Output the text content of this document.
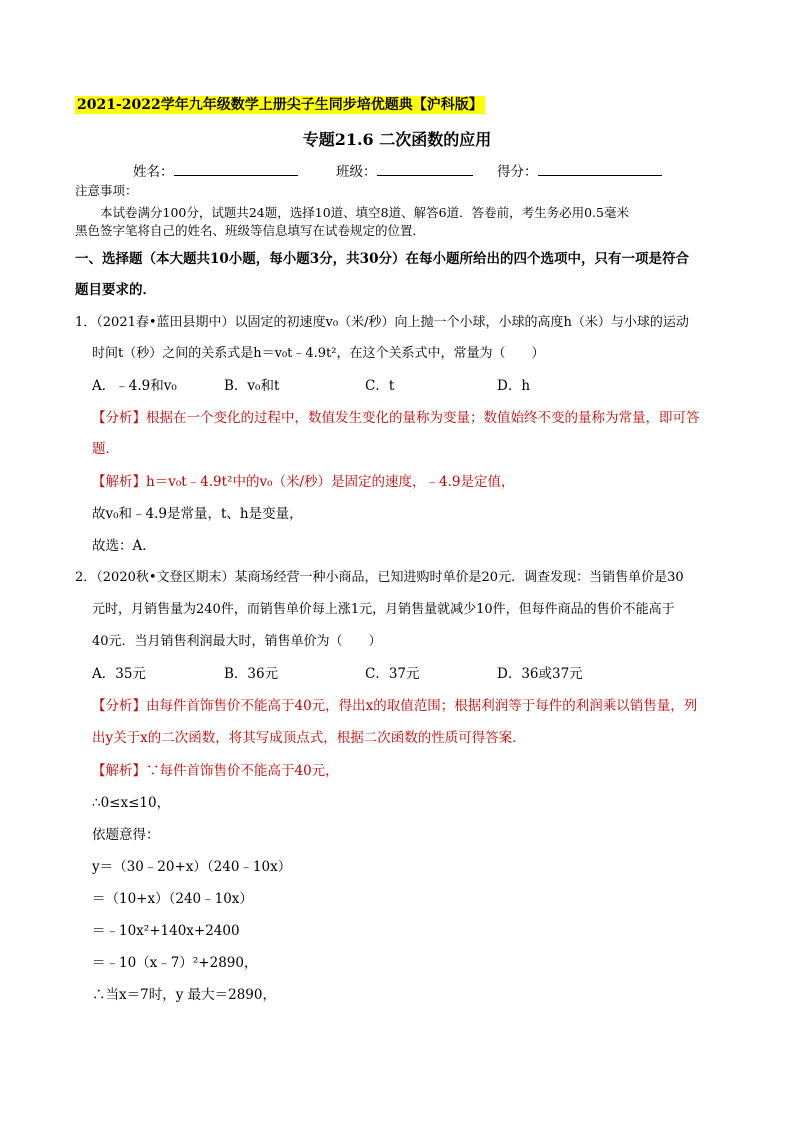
2021-2022学年九年级数学上册尖子生同步培优题典【沪科版】
专题21.6 二次函数的应用
姓名：	班级：	得分：
注意事项：
本试卷满分100分，试题共24题，选择10道、填空8道、解答6道．答卷前，考生务必用0.5毫米
黑色签字笔将自己的姓名、班级等信息填写在试卷规定的位置．
一、选择题（本大题共10小题，每小题3分，共30分）在每小题所给出的四个选项中，只有一项是符合
题目要求的．
1．（2021春•蓝田县期中）以固定的初速度v₀（米/秒）向上抛一个小球，小球的高度h（米）与小球的运动
时间t（秒）之间的关系式是h＝v₀t﹣4.9t²，在这个关系式中，常量为（　　）
A．﹣4.9和v₀	B．v₀和t	C．t	D．h
【分析】根据在一个变化的过程中，数值发生变化的量称为变量；数值始终不变的量称为常量，即可答
题．
【解析】h＝v₀t﹣4.9t²中的v₀（米/秒）是固定的速度，﹣4.9是定值，
故v₀和﹣4.9是常量，t、h是变量，
故选：A．
2．（2020秋•文登区期末）某商场经营一种小商品，已知进购时单价是20元．调查发现：当销售单价是30
元时，月销售量为240件，而销售单价每上涨1元，月销售量就减少10件，但每件商品的售价不能高于
40元．当月销售利润最大时，销售单价为（　　）
A．35元	B．36元	C．37元	D．36或37元
【分析】由每件首饰售价不能高于40元，得出x的取值范围；根据利润等于每件的利润乘以销售量，列
出y关于x的二次函数，将其写成顶点式，根据二次函数的性质可得答案．
【解析】∵每件首饰售价不能高于40元，
∴0≤x≤10，
依题意得：
y＝（30﹣20+x）（240﹣10x）
＝（10+x）（240﹣10x）
＝﹣10x²+140x+2400
＝﹣10（x﹣7）²+2890，
∴当x＝7时，y 最大＝2890，
